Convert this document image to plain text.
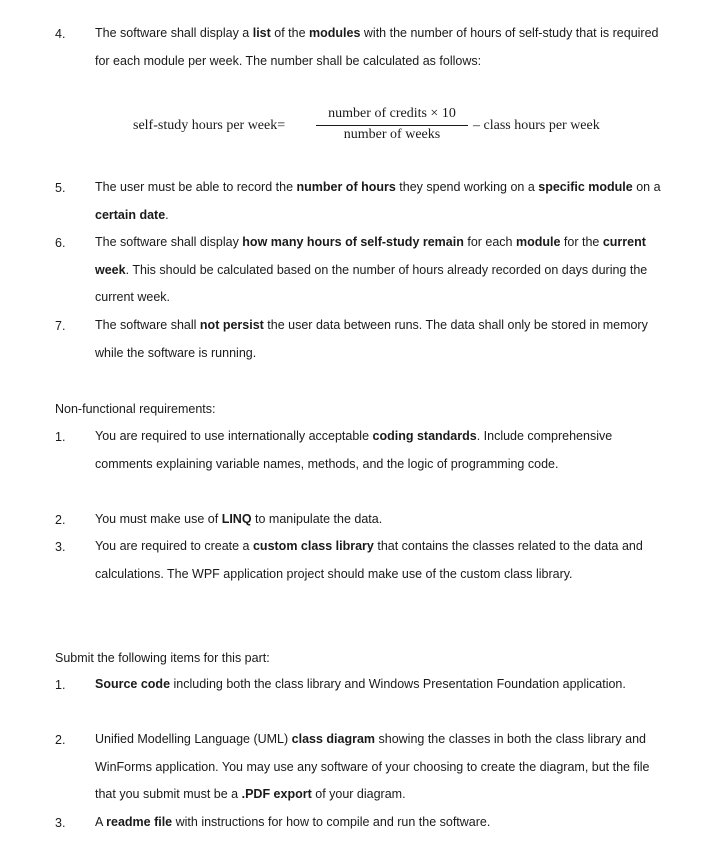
4. The software shall display a list of the modules with the number of hours of self-study that is required for each module per week. The number shall be calculated as follows:
self-study hours per week=
number of credits × 10
number of weeks
– class hours per week
5. The user must be able to record the number of hours they spend working on a specific module on a certain date.
6. The software shall display how many hours of self-study remain for each module for the current week. This should be calculated based on the number of hours already recorded on days during the current week.
7. The software shall not persist the user data between runs. The data shall only be stored in memory while the software is running.
Non-functional requirements:
1. You are required to use internationally acceptable coding standards. Include comprehensive comments explaining variable names, methods, and the logic of programming code.
2. You must make use of LINQ to manipulate the data.
3. You are required to create a custom class library that contains the classes related to the data and calculations. The WPF application project should make use of the custom class library.
Submit the following items for this part:
1. Source code including both the class library and Windows Presentation Foundation application.
2. Unified Modelling Language (UML) class diagram showing the classes in both the class library and WinForms application. You may use any software of your choosing to create the diagram, but the file that you submit must be a .PDF export of your diagram.
3. A readme file with instructions for how to compile and run the software.
